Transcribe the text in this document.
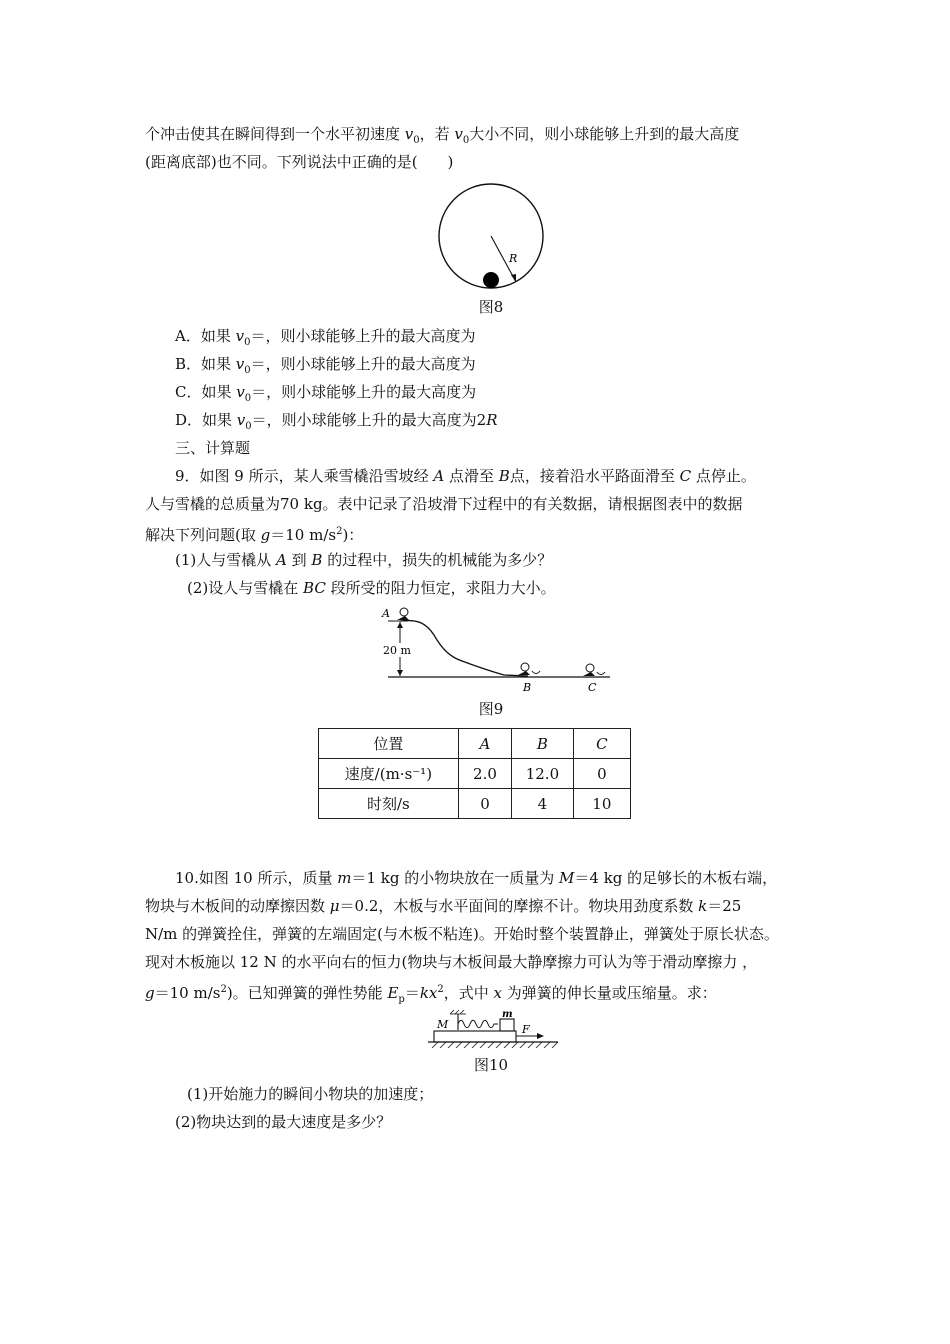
个冲击使其在瞬间得到一个水平初速度 $v_0$，若 $v_0$大小不同，则小球能够上升到的最大高度
(距离底部)也不同。下列说法中正确的是(　　)
R
图8
A．如果 $v_0=$，则小球能够上升的最大高度为
B．如果 $v_0=$，则小球能够上升的最大高度为
C．如果 $v_0=$，则小球能够上升的最大高度为
D．如果 $v_0=$，则小球能够上升的最大高度为2R
三、计算题
9．如图 9 所示，某人乘雪橇沿雪坡经 A 点滑至 B点，接着沿水平路面滑至 C 点停止。
人与雪橇的总质量为70 kg。表中记录了沿坡滑下过程中的有关数据，请根据图表中的数据
解决下列问题(取 g＝10 $m/s^2$)：
(1)人与雪橇从 A 到 B 的过程中，损失的机械能为多少？
(2)设人与雪橇在 BC 段所受的阻力恒定，求阻力大小。
20 m
A
B	C
图9
位置	A	B	C
速度/(m·s⁻¹)	2.0	12.0	0
时刻/s	0	4	10
10.如图 10 所示，质量 m＝1 kg 的小物块放在一质量为 M＝4 kg 的足够长的木板右端，
物块与木板间的动摩擦因数 μ＝0.2，木板与水平面间的摩擦不计。物块用劲度系数 k＝25
N/m 的弹簧拴住，弹簧的左端固定(与木板不粘连)。开始时整个装置静止，弹簧处于原长状态。
现对木板施以 12 N 的水平向右的恒力(物块与木板间最大静摩擦力可认为等于滑动摩擦力 ，
g＝10 $m/s^2$)。已知弹簧的弹性势能 $E_p=kx^2$，式中 x 为弹簧的伸长量或压缩量。求：
M
m
F
图10
(1)开始施力的瞬间小物块的加速度；
(2)物块达到的最大速度是多少？
